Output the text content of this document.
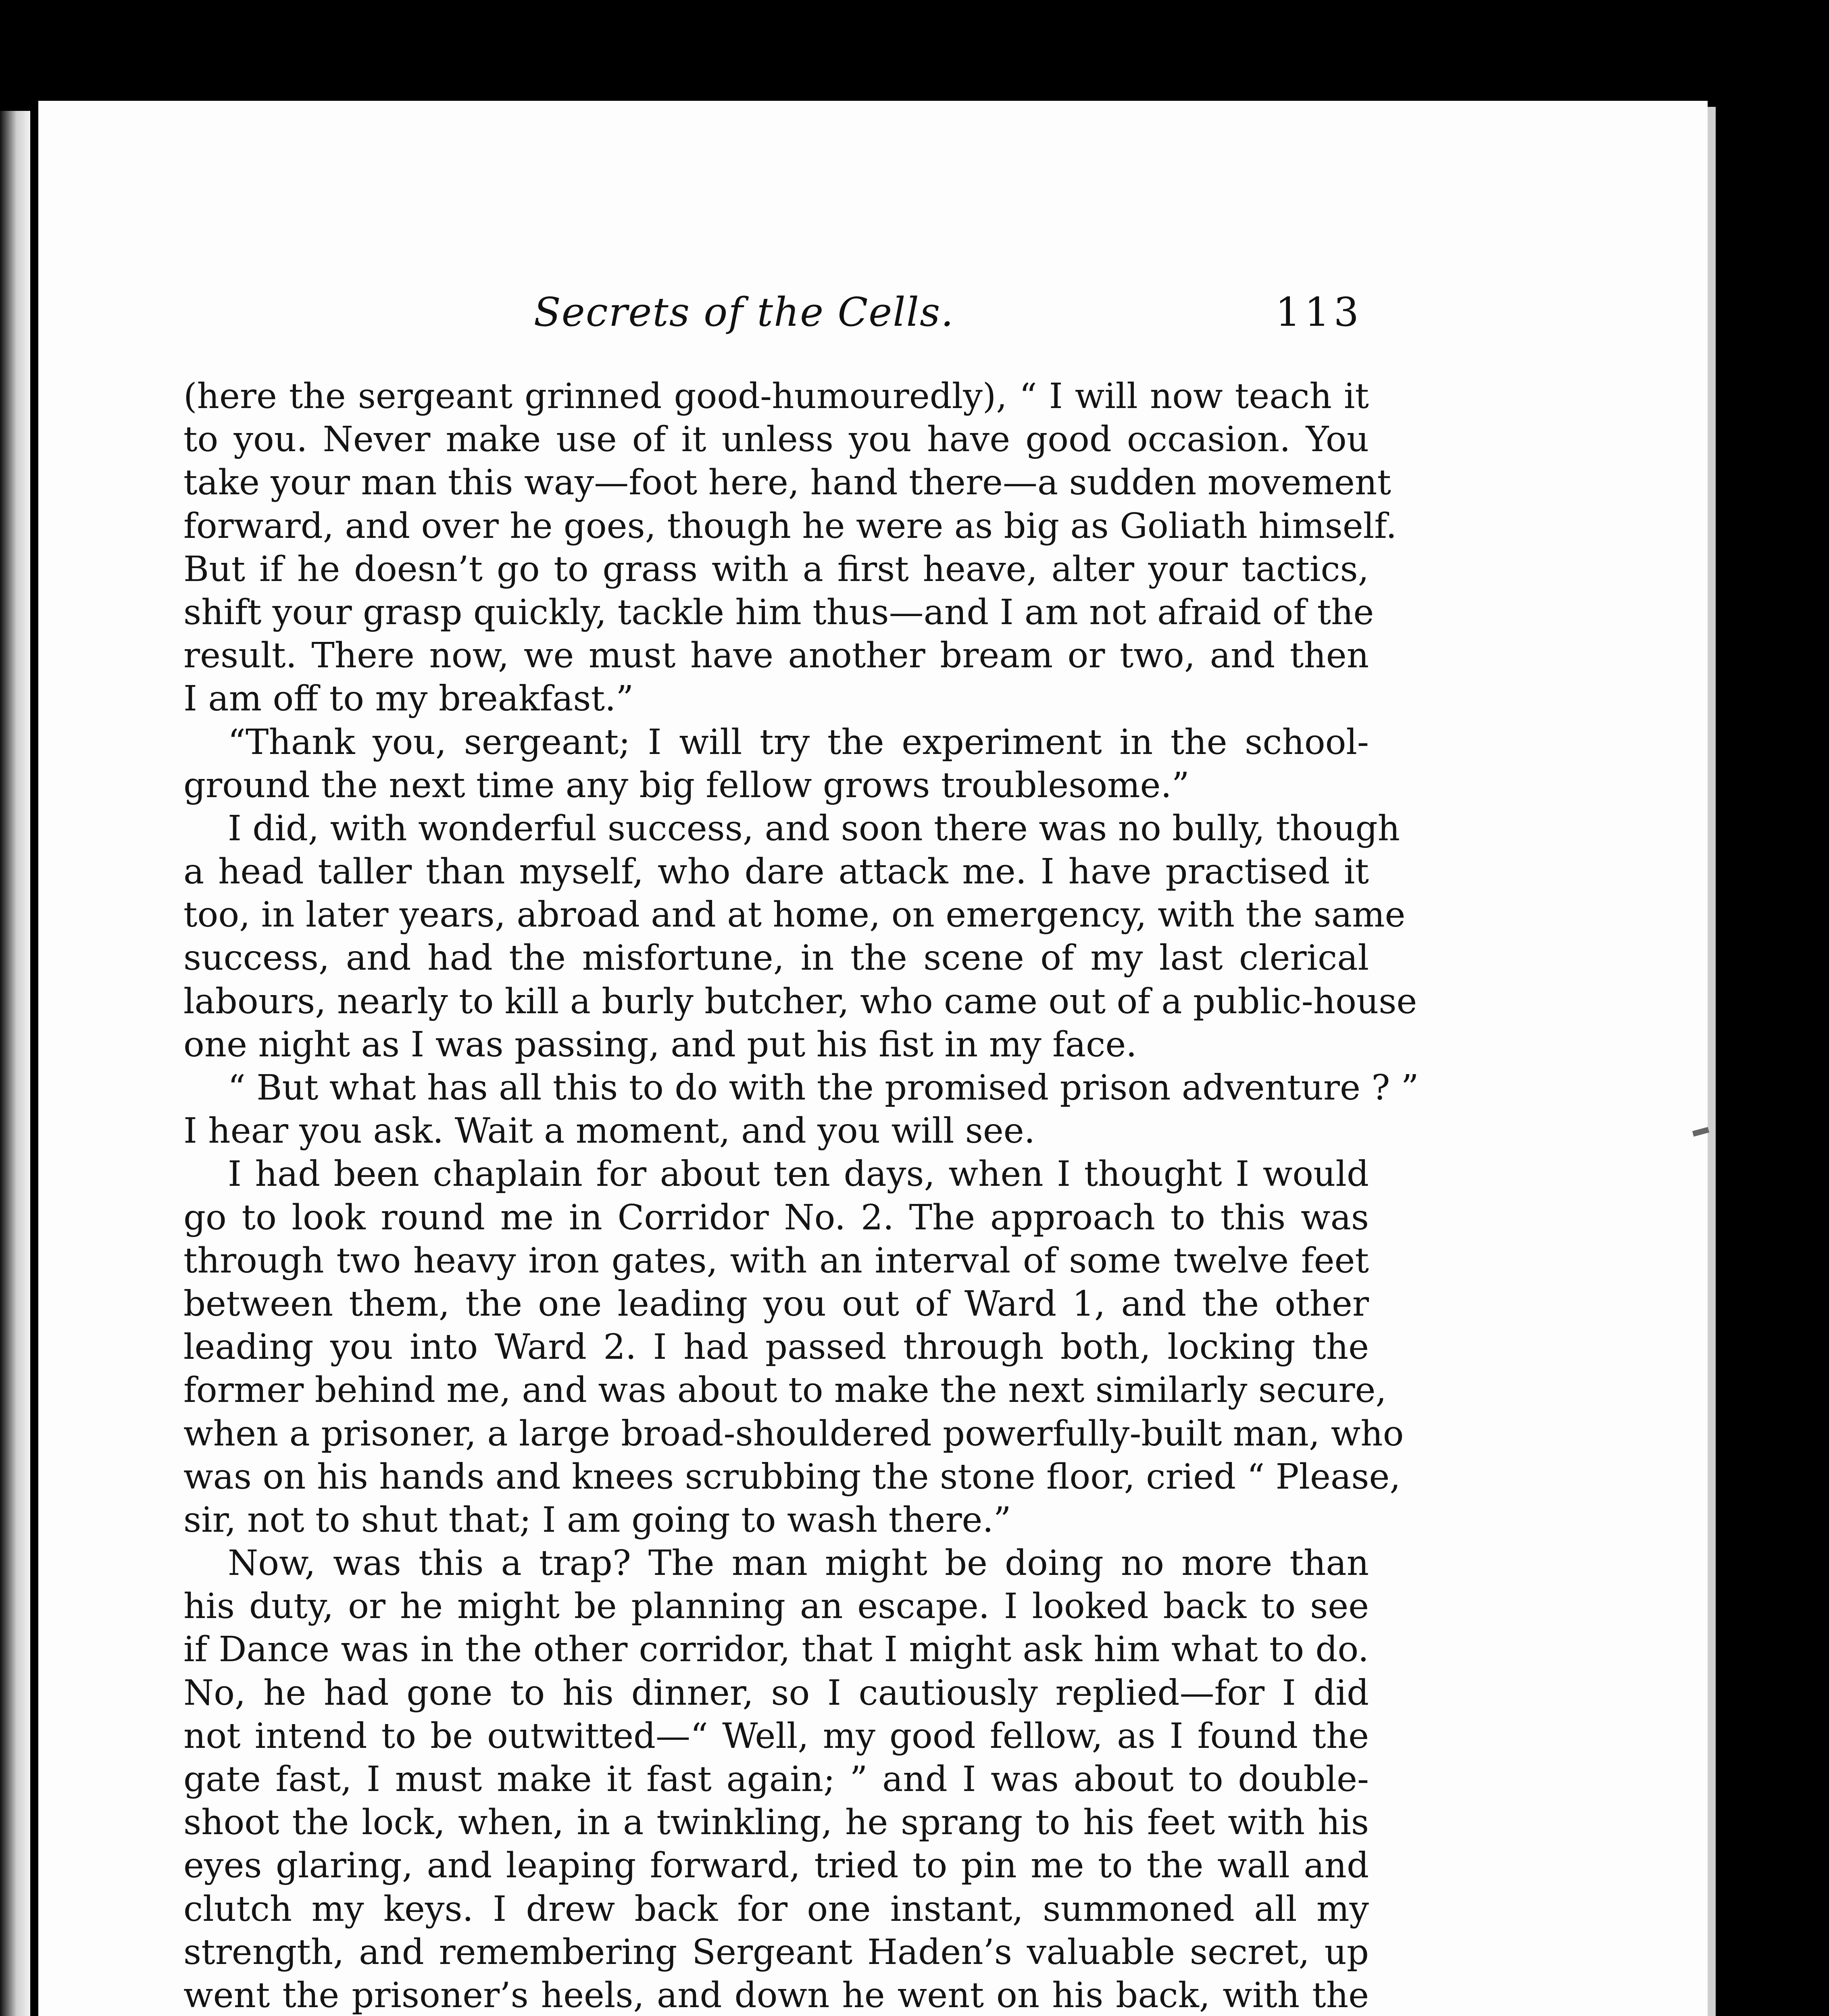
Secrets of the Cells.	113
(here the sergeant grinned good-humouredly), “ I will now teach it
to you. Never make use of it unless you have good occasion. You
take your man this way—foot here, hand there—a sudden movement
forward, and over he goes, though he were as big as Goliath himself.
But if he doesn’t go to grass with a first heave, alter your tactics,
shift your grasp quickly, tackle him thus—and I am not afraid of the
result. There now, we must have another bream or two, and then
I am off to my breakfast.”
“Thank you, sergeant; I will try the experiment in the school-
ground the next time any big fellow grows troublesome.”
I did, with wonderful success, and soon there was no bully, though
a head taller than myself, who dare attack me. I have practised it
too, in later years, abroad and at home, on emergency, with the same
success, and had the misfortune, in the scene of my last clerical
labours, nearly to kill a burly butcher, who came out of a public-house
one night as I was passing, and put his fist in my face.
“ But what has all this to do with the promised prison adventure ? ”
I hear you ask. Wait a moment, and you will see.
I had been chaplain for about ten days, when I thought I would
go to look round me in Corridor No. 2. The approach to this was
through two heavy iron gates, with an interval of some twelve feet
between them, the one leading you out of Ward 1, and the other
leading you into Ward 2. I had passed through both, locking the
former behind me, and was about to make the next similarly secure,
when a prisoner, a large broad-shouldered powerfully-built man, who
was on his hands and knees scrubbing the stone floor, cried “ Please,
sir, not to shut that; I am going to wash there.”
Now, was this a trap? The man might be doing no more than
his duty, or he might be planning an escape. I looked back to see
if Dance was in the other corridor, that I might ask him what to do.
No, he had gone to his dinner, so I cautiously replied—for I did
not intend to be outwitted—“ Well, my good fellow, as I found the
gate fast, I must make it fast again; ” and I was about to double-
shoot the lock, when, in a twinkling, he sprang to his feet with his
eyes glaring, and leaping forward, tried to pin me to the wall and
clutch my keys. I drew back for one instant, summoned all my
strength, and remembering Sergeant Haden’s valuable secret, up
went the prisoner’s heels, and down he went on his back, with the
